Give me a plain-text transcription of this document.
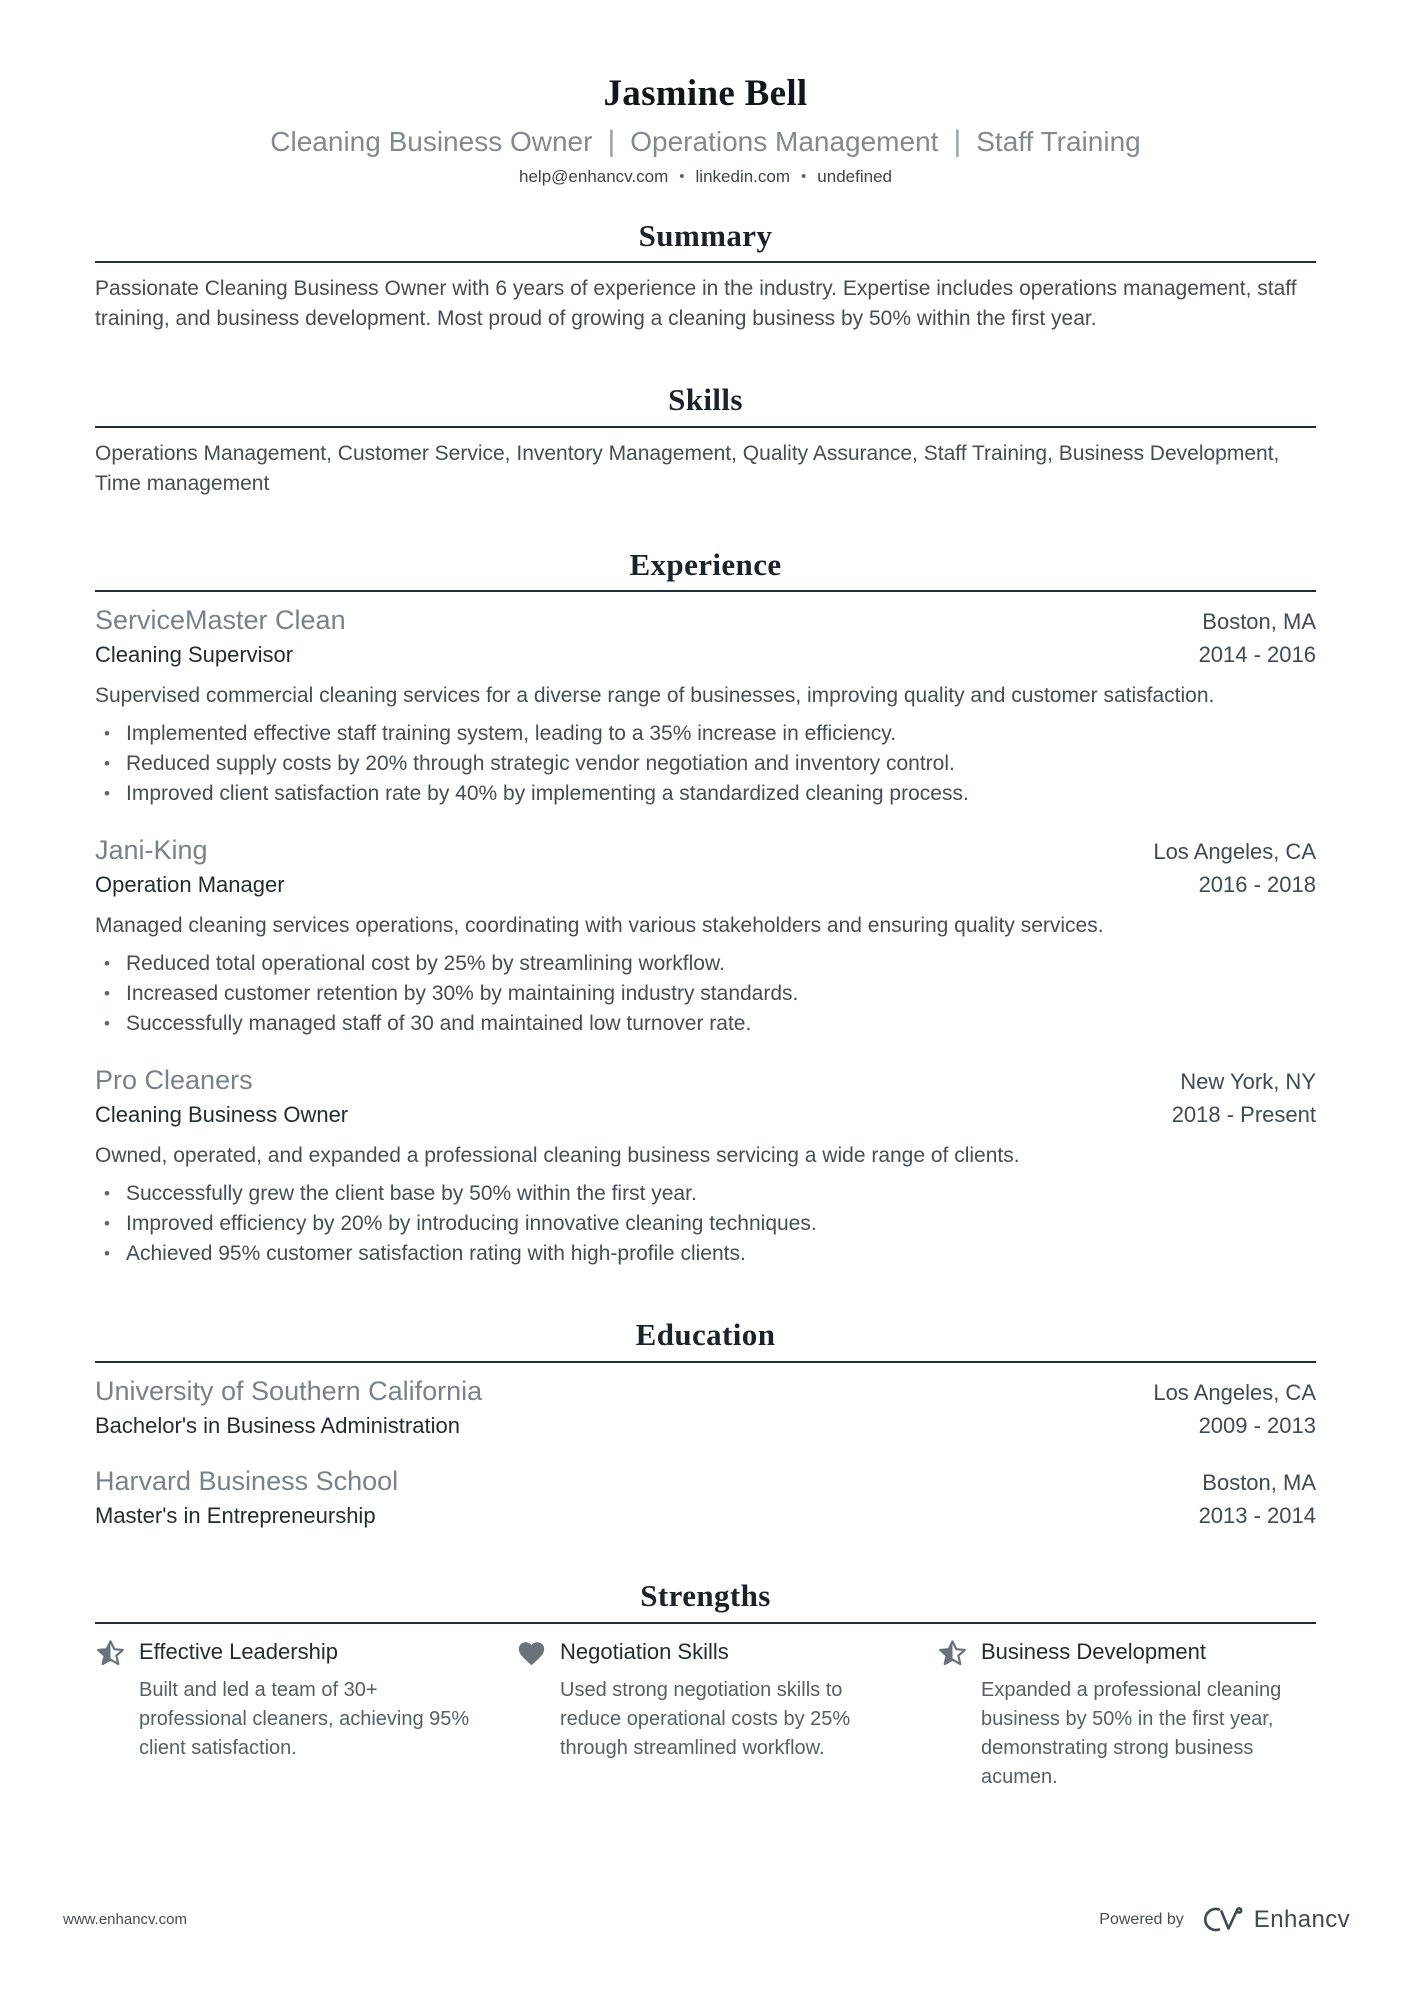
Jasmine Bell
Cleaning Business Owner | Operations Management | Staff Training
help@enhancv.com • linkedin.com • undefined
Summary

Passionate Cleaning Business Owner with 6 years of experience in the industry. Expertise includes operations management, staff training, and business development. Most proud of growing a cleaning business by 50% within the first year.

Skills

Operations Management, Customer Service, Inventory Management, Quality Assurance, Staff Training, Business Development, Time management

Experience
ServiceMaster Clean	Boston, MA
Cleaning Supervisor	2014 - 2016

Supervised commercial cleaning services for a diverse range of businesses, improving quality and customer satisfaction.

• Implemented effective staff training system, leading to a 35% increase in efficiency.
• Reduced supply costs by 20% through strategic vendor negotiation and inventory control.
• Improved client satisfaction rate by 40% by implementing a standardized cleaning process.
Jani-King	Los Angeles, CA
Operation Manager	2016 - 2018

Managed cleaning services operations, coordinating with various stakeholders and ensuring quality services.

• Reduced total operational cost by 25% by streamlining workflow.
• Increased customer retention by 30% by maintaining industry standards.
• Successfully managed staff of 30 and maintained low turnover rate.
Pro Cleaners	New York, NY
Cleaning Business Owner	2018 - Present

Owned, operated, and expanded a professional cleaning business servicing a wide range of clients.

• Successfully grew the client base by 50% within the first year.
• Improved efficiency by 20% by introducing innovative cleaning techniques.
• Achieved 95% customer satisfaction rating with high-profile clients.
Education
University of Southern California	Los Angeles, CA
Bachelor's in Business Administration	2009 - 2013
Harvard Business School	Boston, MA
Master's in Entrepreneurship	2013 - 2014
Strengths
Effective Leadership

Built and led a team of 30+ professional cleaners, achieving 95% client satisfaction.

Negotiation Skills

Used strong negotiation skills to reduce operational costs by 25% through streamlined workflow.

Business Development

Expanded a professional cleaning business by 50% in the first year, demonstrating strong business acumen.

www.enhancv.com	Powered by	Enhancv
